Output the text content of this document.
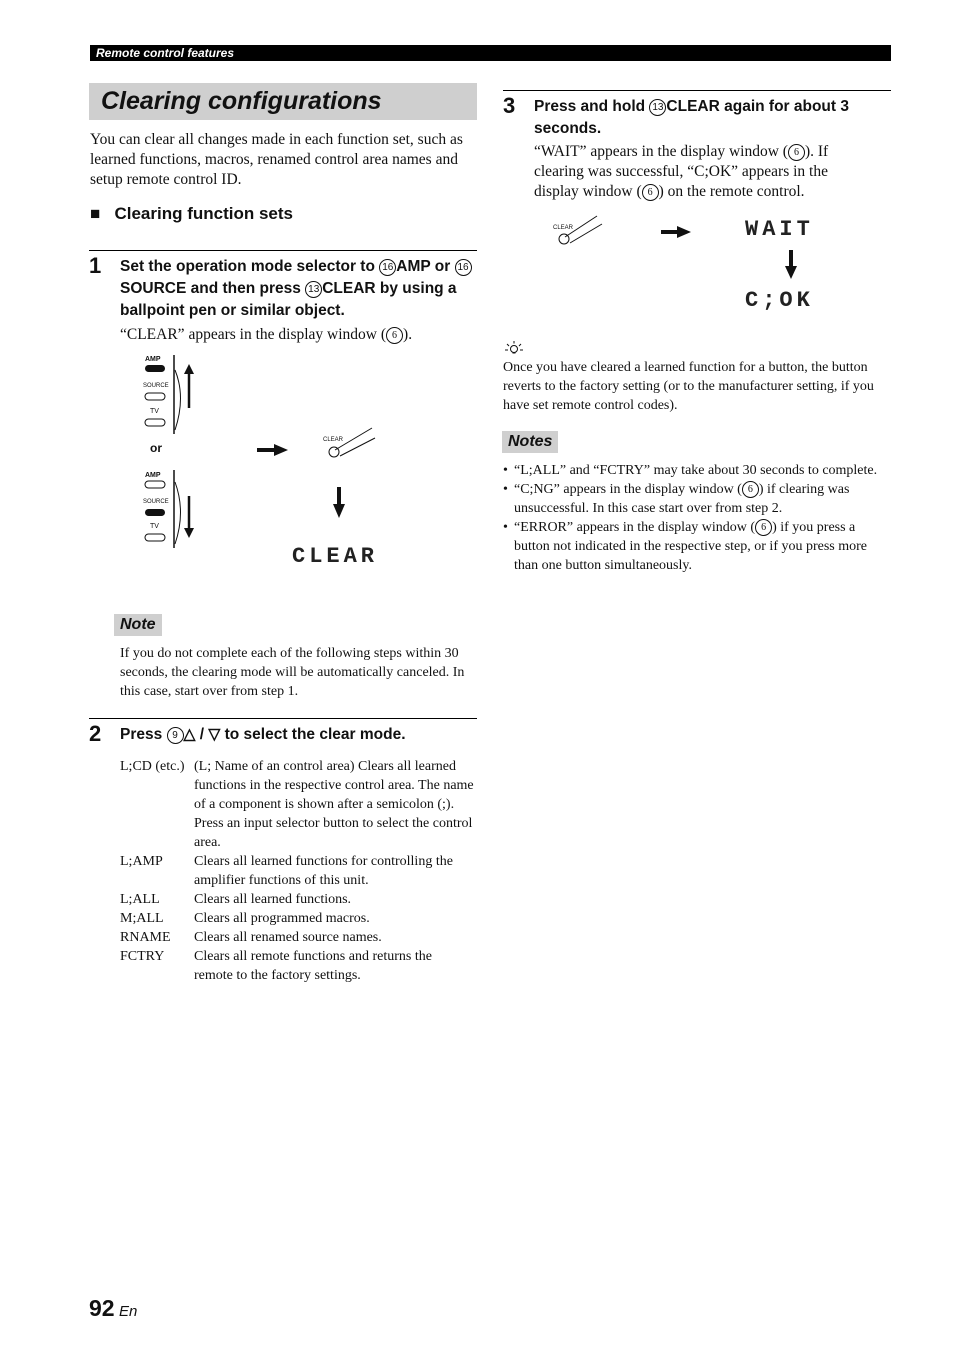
Remote control features
Clearing configurations
You can clear all changes made in each function set, such as learned functions, macros, renamed control area names and setup remote control ID.
■ Clearing function sets
1 Set the operation mode selector to 16 AMP or 16SOURCE and then press 13 CLEAR by using a ballpoint pen or similar object.
“CLEAR” appears in the display window ( 6 ).
AMP
SOURCE
TV
or
AMP
SOURCE
TV
CLEAR
CLEAR
Note
If you do not complete each of the following steps within 30 seconds, the clearing mode will be automatically canceled. In this case, start over from step 1.
2 Press 9 △ / ▽ to select the clear mode.
L;CD (etc.) (L; Name of an control area) Clears all learned functions in the respective control area. The name of a component is shown after a semicolon (;). Press an input selector button to select the control area.
L;AMP	Clears all learned functions for controlling the amplifier functions of this unit.
L;ALL	Clears all learned functions.
M;ALL	Clears all programmed macros.
RNAME	Clears all renamed source names.
FCTRY	Clears all remote functions and returns the remote to the factory settings.
3 Press and hold 13 CLEAR again for about 3 seconds.
“WAIT” appears in the display window ( 6 ). If clearing was successful, “C;OK” appears in the display window ( 6 ) on the remote control.
CLEAR	WAIT
C;OK
Once you have cleared a learned function for a button, the button reverts to the factory setting (or to the manufacturer setting, if you have set remote control codes).
Notes
• “L;ALL” and “FCTRY” may take about 30 seconds to complete.
• “C;NG” appears in the display window ( 6 ) if clearing was unsuccessful. In this case start over from step 2.
• “ERROR” appears in the display window ( 6 ) if you press a button not indicated in the respective step, or if you press more than one button simultaneously.
92 En
